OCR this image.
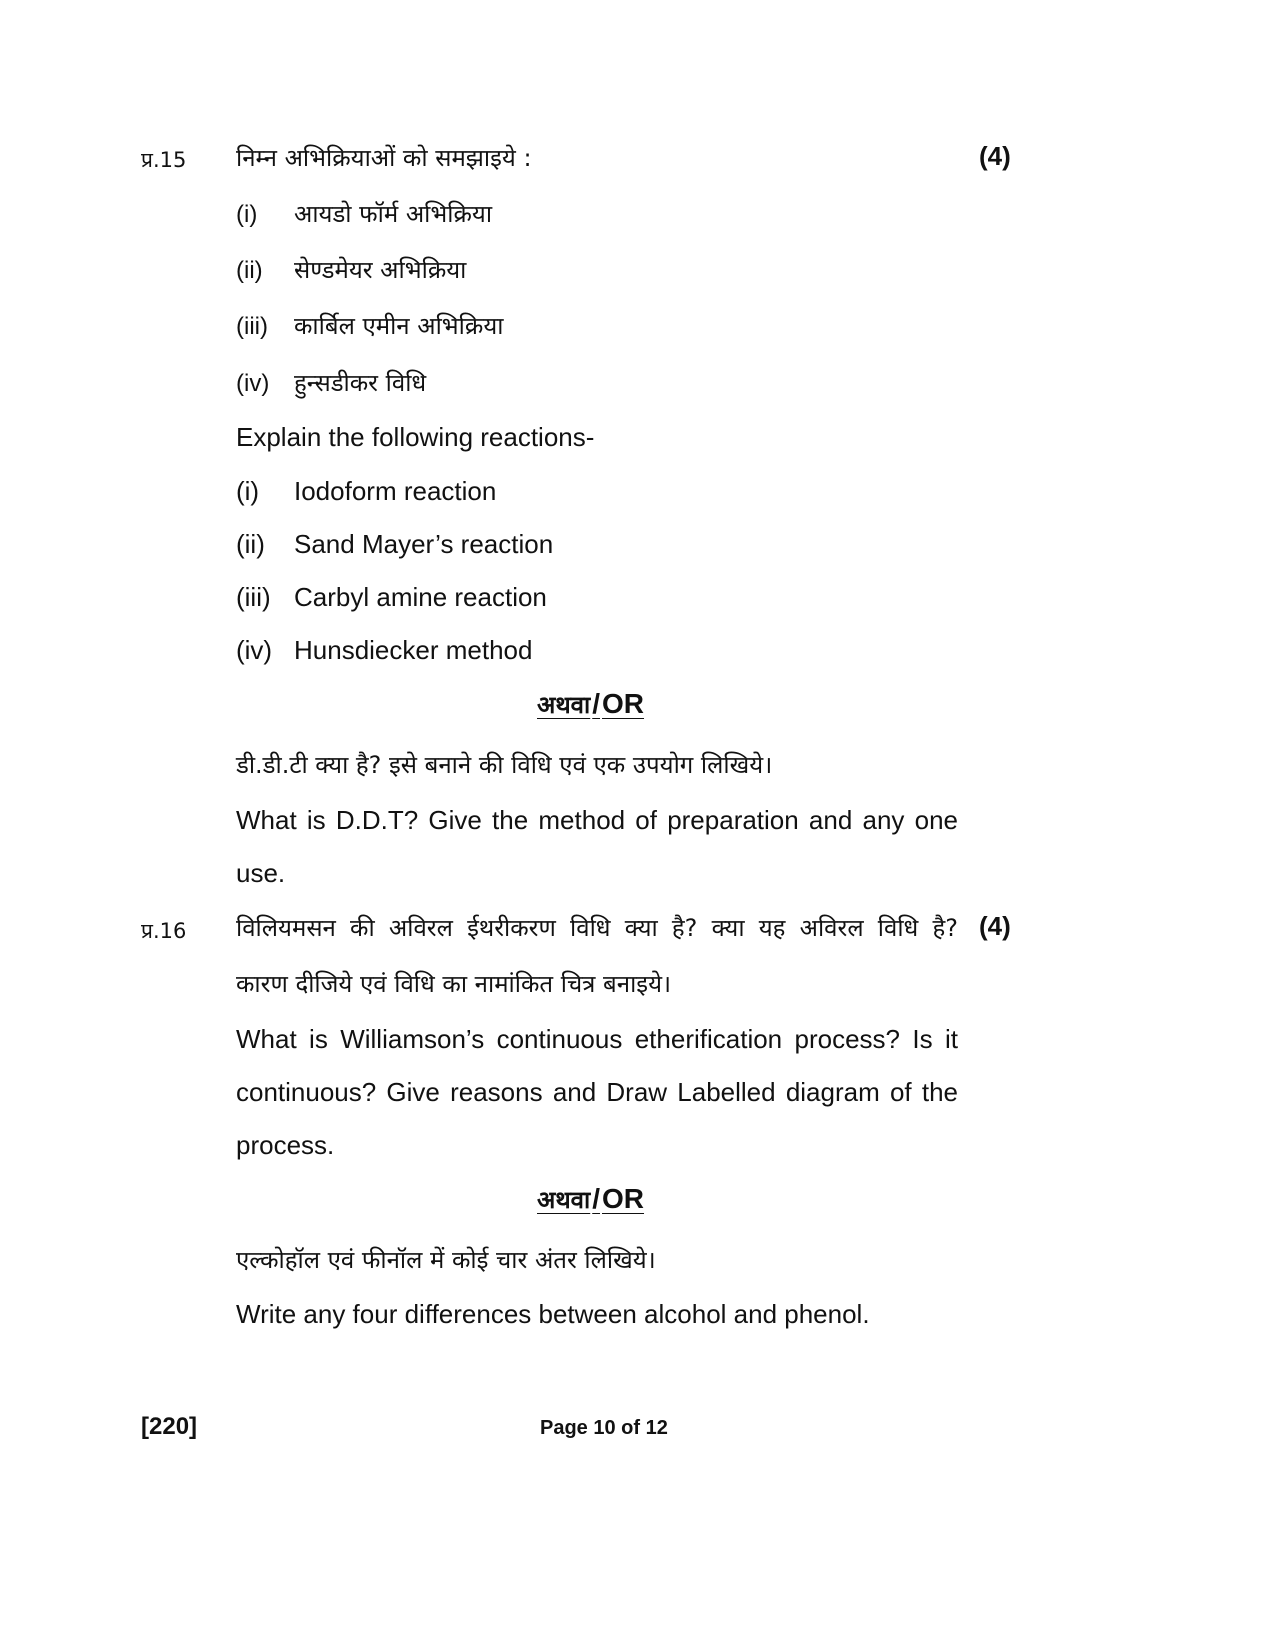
प्र.15 निम्न अभिक्रियाओं को समझाइये :	(4)
(i) आयडो फॉर्म अभिक्रिया
(ii) सेण्डमेयर अभिक्रिया
(iii) कार्बिल एमीन अभिक्रिया
(iv) हुन्सडीकर विधि
Explain the following reactions-
(i) Iodoform reaction
(ii) Sand Mayer’s reaction
(iii) Carbyl amine reaction
(iv) Hunsdiecker method
अथवा/OR
डी.डी.टी क्या है? इसे बनाने की विधि एवं एक उपयोग लिखिये।
What is D.D.T? Give the method of preparation and any one
use.
प्र.16 विलियमसन की अविरल ईथरीकरण विधि क्या है? क्या यह अविरल विधि है? (4)
कारण दीजिये एवं विधि का नामांकित चित्र बनाइये।
What is Williamson’s continuous etherification process? Is it
continuous? Give reasons and Draw Labelled diagram of the
process.
अथवा/OR
एल्कोहॉल एवं फीनॉल में कोई चार अंतर लिखिये।
Write any four differences between alcohol and phenol.
[220]	Page 10 of 12
